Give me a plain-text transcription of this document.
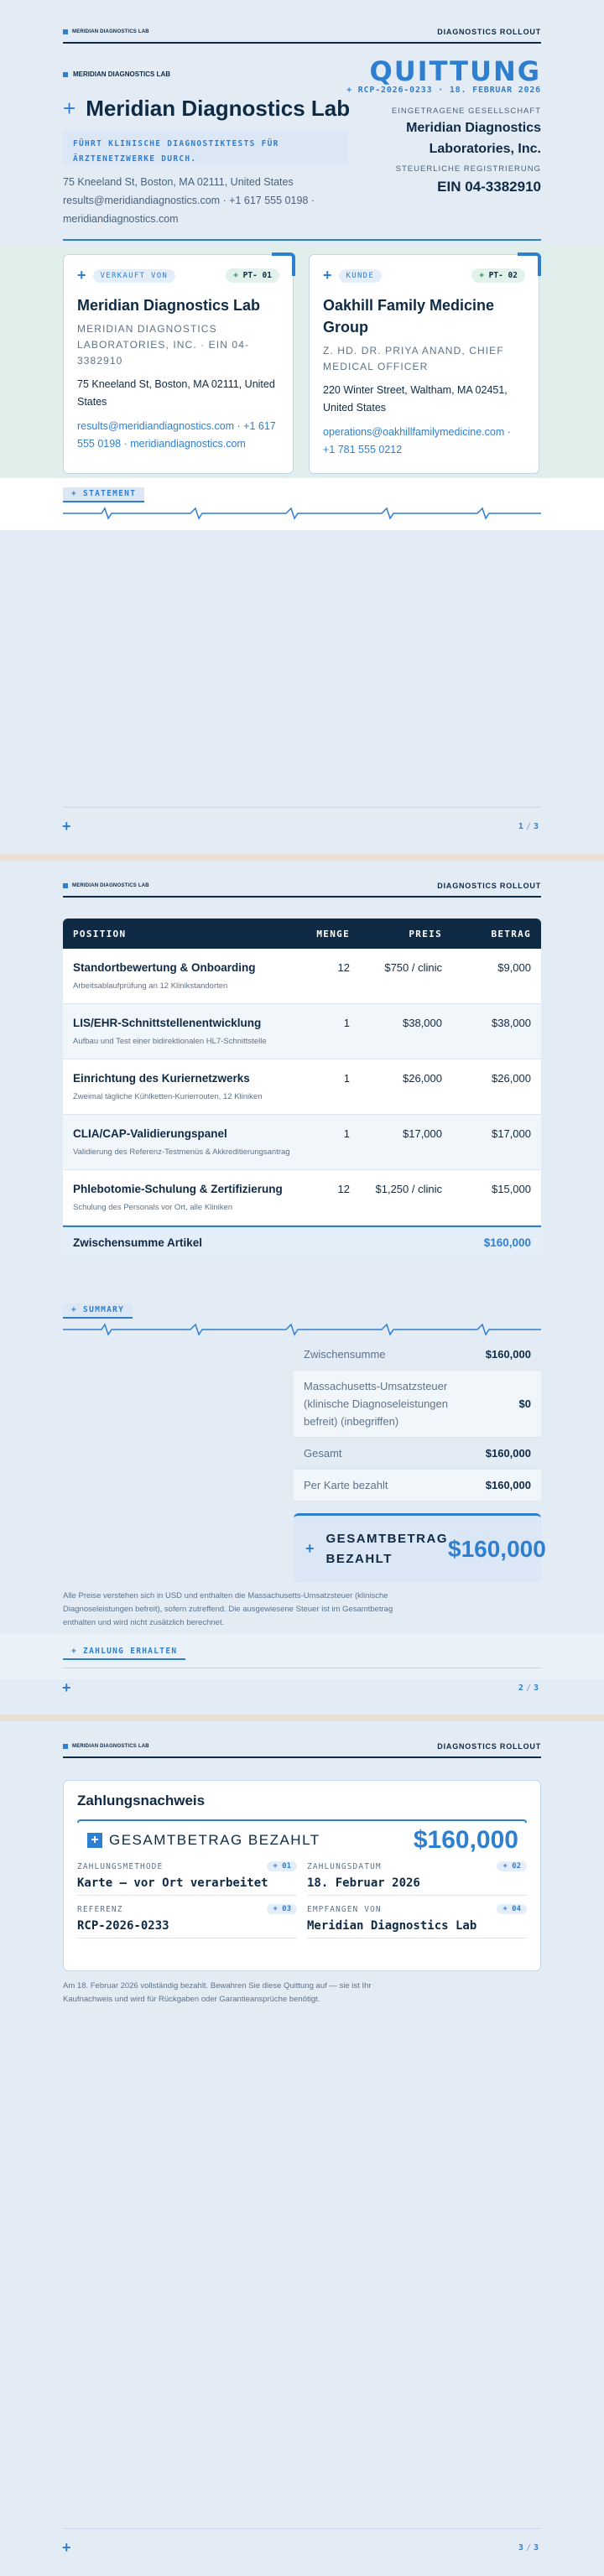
MERIDIAN DIAGNOSTICS LAB	DIAGNOSTICS ROLLOUT
MERIDIAN DIAGNOSTICS LAB
+ Meridian Diagnostics Lab
FÜHRT KLINISCHE DIAGNOSTIKTESTS FÜR ÄRZTENETZWERKE DURCH.
75 Kneeland St, Boston, MA 02111, United States
results@meridiandiagnostics.com · +1 617 555 0198 · meridiandiagnostics.com
QUITTUNG
+ RCP-2026-0233 · 18. FEBRUAR 2026
EINGETRAGENE GESELLSCHAFT
Meridian Diagnostics Laboratories, Inc.
STEUERLICHE REGISTRIERUNG
EIN 04-3382910
+	VERKAUFT VON	+ PT- 01
Meridian Diagnostics Lab
MERIDIAN DIAGNOSTICS LABORATORIES, INC. · EIN 04-3382910
75 Kneeland St, Boston, MA 02111, United States
results@meridiandiagnostics.com · +1 617 555 0198 · meridiandiagnostics.com
+	KUNDE	+ PT- 02
Oakhill Family Medicine Group
Z. HD. DR. PRIYA ANAND, CHIEF MEDICAL OFFICER
220 Winter Street, Waltham, MA 02451, United States
operations@oakhillfamilymedicine.com · +1 781 555 0212
+ STATEMENT
+	1 / 3
MERIDIAN DIAGNOSTICS LAB	DIAGNOSTICS ROLLOUT
POSITION	MENGE	PREIS	BETRAG
Standortbewertung & Onboarding
Arbeitsablaufprüfung an 12 Klinikstandorten
12	$750 / clinic	$9,000
LIS/EHR-Schnittstellenentwicklung
Aufbau und Test einer bidirektionalen HL7-Schnittstelle
1	$38,000	$38,000
Einrichtung des Kuriernetzwerks
Zweimal tägliche Kühlketten-Kurierrouten, 12 Kliniken
1	$26,000	$26,000
CLIA/CAP-Validierungspanel
Validierung des Referenz-Testmenüs & Akkreditierungsantrag
1	$17,000	$17,000
Phlebotomie-Schulung & Zertifizierung
Schulung des Personals vor Ort, alle Kliniken
12	$1,250 / clinic	$15,000
Zwischensumme Artikel	$160,000
+ SUMMARY
Zwischensumme	$160,000
Massachusetts-Umsatzsteuer (klinische Diagnoseleistungen befreit) (inbegriffen)
$0
Gesamt	$160,000
Per Karte bezahlt	$160,000
+
GESAMTBETRAG BEZAHLT	$160,000
Alle Preise verstehen sich in USD und enthalten die Massachusetts-Umsatzsteuer (klinische Diagnoseleistungen befreit), sofern zutreffend. Die ausgewiesene Steuer ist im Gesamtbetrag enthalten und wird nicht zusätzlich berechnet.
+ ZAHLUNG ERHALTEN
+	2 / 3
MERIDIAN DIAGNOSTICS LAB	DIAGNOSTICS ROLLOUT
Zahlungsnachweis
+ GESAMTBETRAG BEZAHLT	$160,000
ZAHLUNGSMETHODE	+ 01
Karte — vor Ort verarbeitet
ZAHLUNGSDATUM	+ 02
18. Februar 2026
REFERENZ	+ 03
RCP-2026-0233
EMPFANGEN VON	+ 04
Meridian Diagnostics Lab
Am 18. Februar 2026 vollständig bezahlt. Bewahren Sie diese Quittung auf — sie ist Ihr Kaufnachweis und wird für Rückgaben oder Garantieansprüche benötigt.
+	3 / 3
